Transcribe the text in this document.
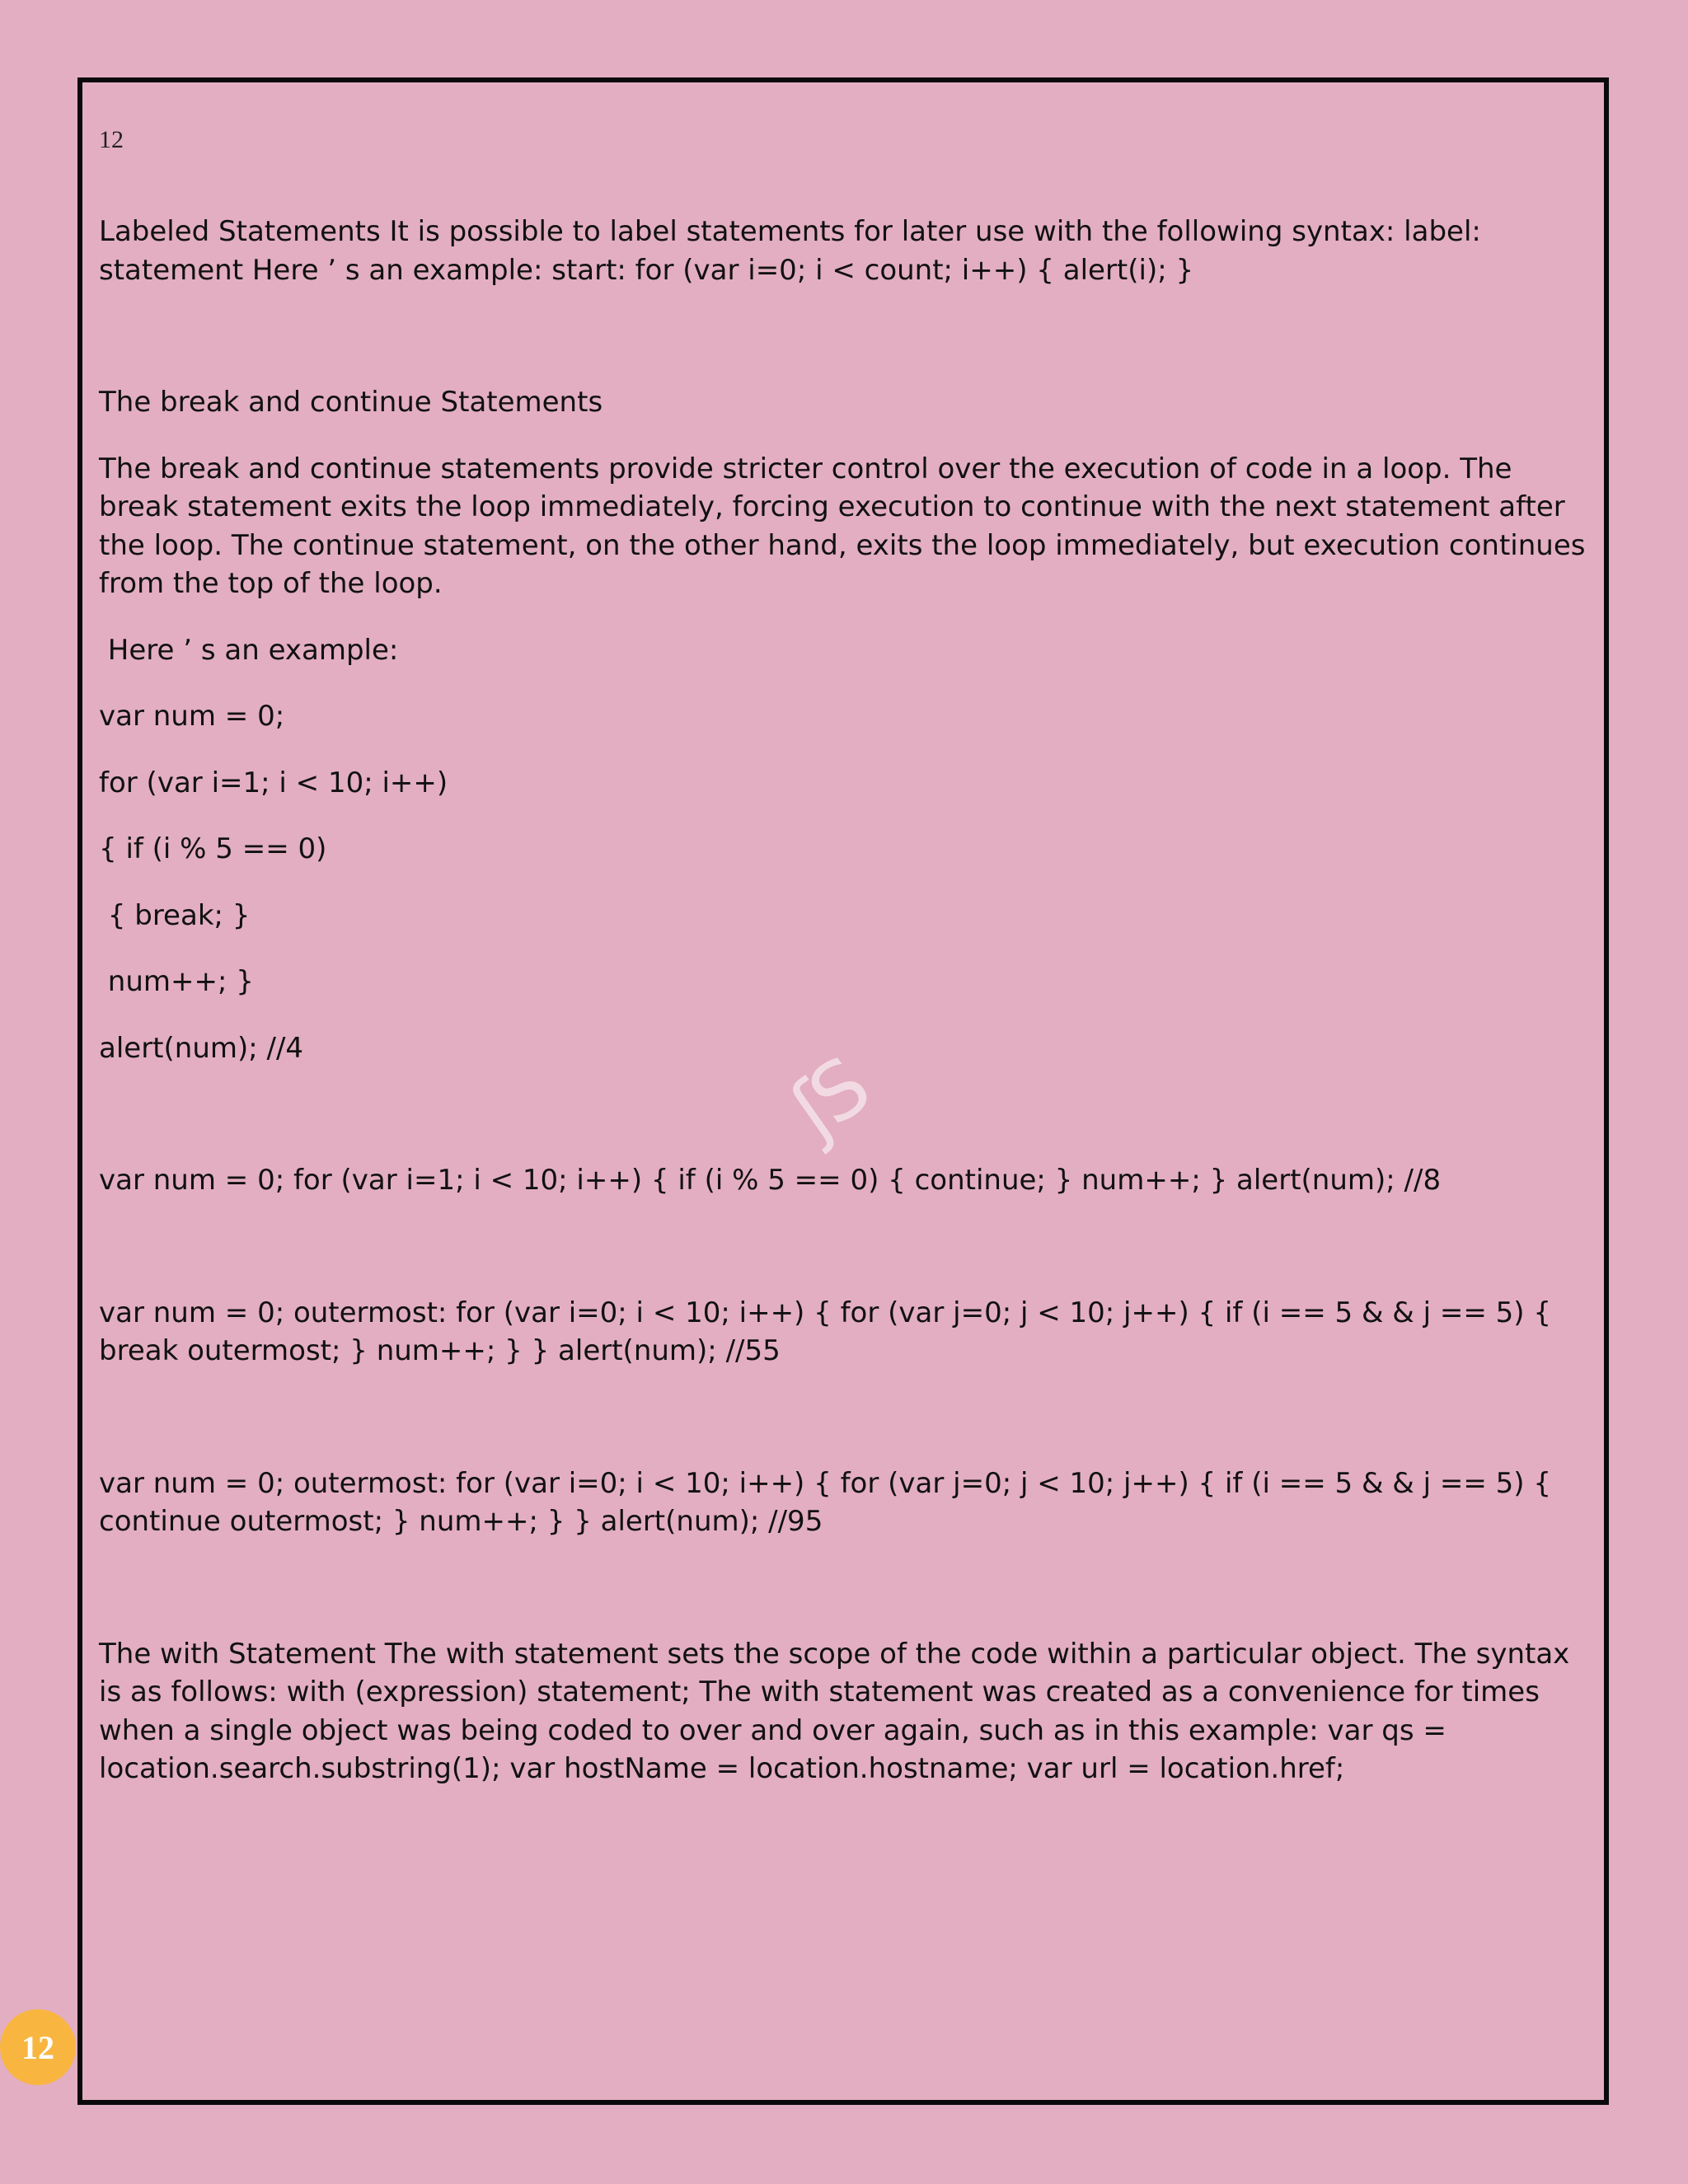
12
ʃS

Labeled Statements It is possible to label statements for later use with the following syntax: label: statement Here ’ s an example: start: for (var i=0; i < count; i++) { alert(i); }

The break and continue Statements

The break and continue statements provide stricter control over the execution of code in a loop. The break statement exits the loop immediately, forcing execution to continue with the next statement after the loop. The continue statement, on the other hand, exits the loop immediately, but execution continues from the top of the loop.

Here ’ s an example:

var num = 0;

for (var i=1; i < 10; i++)

{ if (i % 5 == 0)

{ break; }

num++; }

alert(num); //4

var num = 0; for (var i=1; i < 10; i++) { if (i % 5 == 0) { continue; } num++; } alert(num); //8

var num = 0; outermost: for (var i=0; i < 10; i++) { for (var j=0; j < 10; j++) { if (i == 5 & & j == 5) { break outermost; } num++; } } alert(num); //55

var num = 0; outermost: for (var i=0; i < 10; i++) { for (var j=0; j < 10; j++) { if (i == 5 & & j == 5) { continue outermost; } num++; } } alert(num); //95

The with Statement The with statement sets the scope of the code within a particular object. The syntax is as follows: with (expression) statement; The with statement was created as a convenience for times when a single object was being coded to over and over again, such as in this example: var qs = location.search.substring(1); var hostName = location.hostname; var url = location.href;

12
